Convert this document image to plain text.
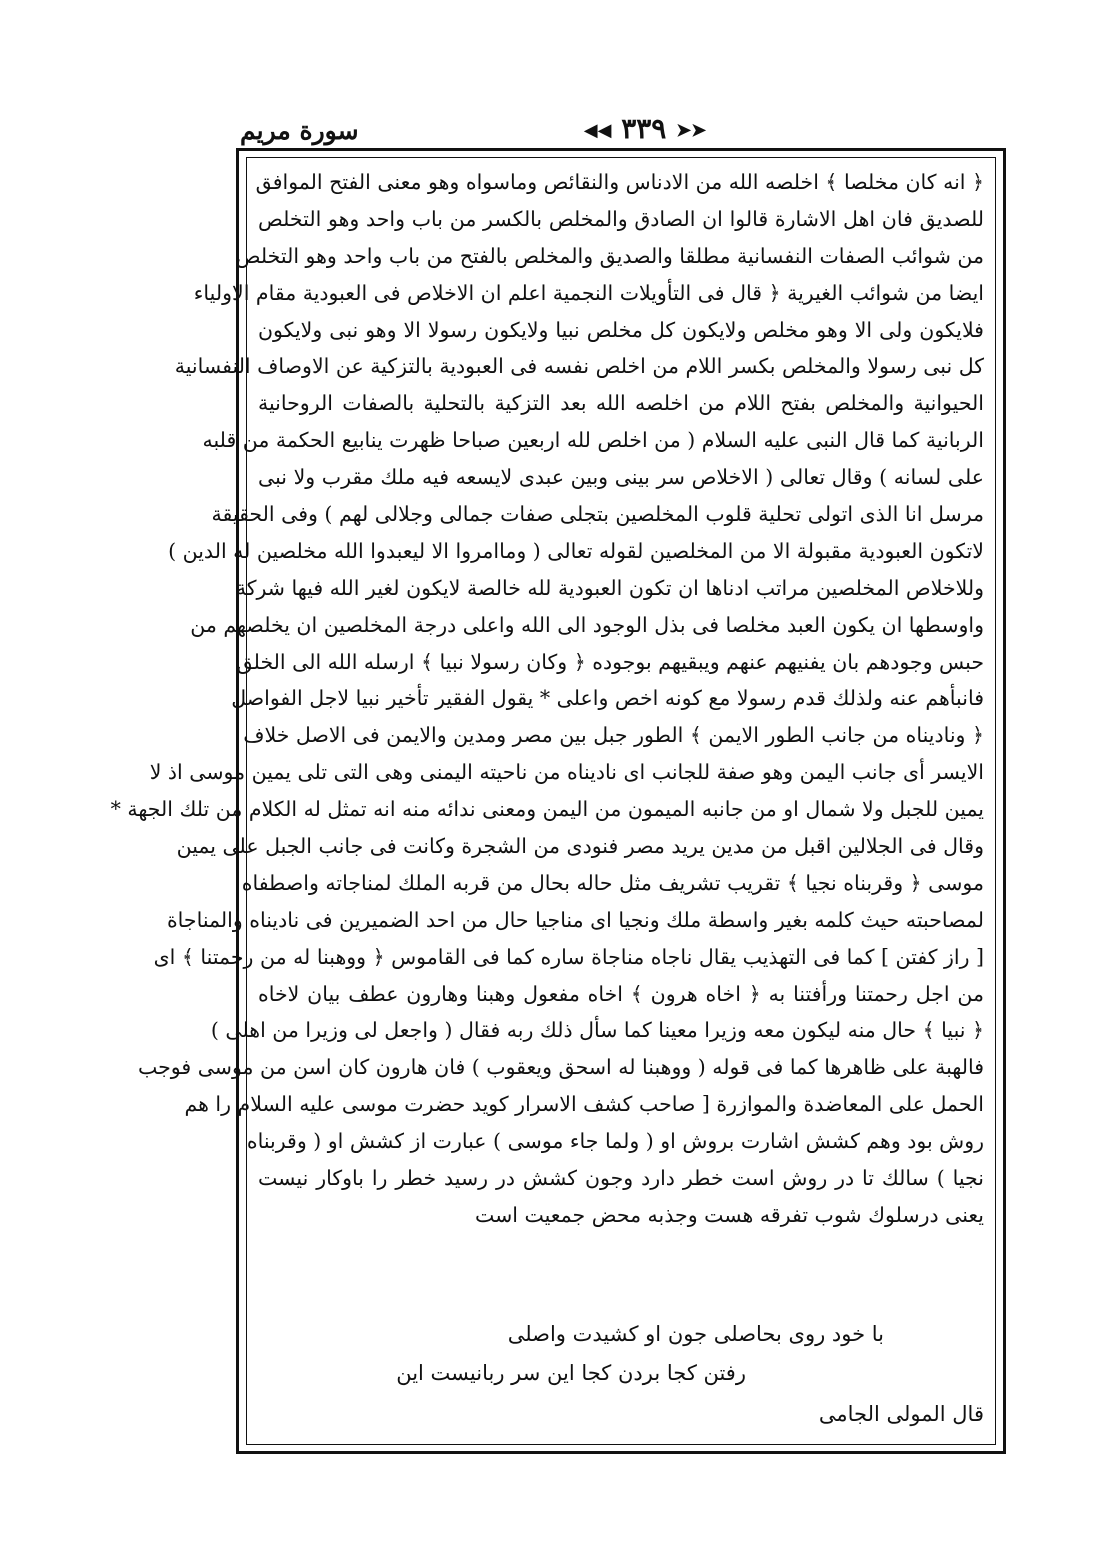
سورة مريم	➤➤ ٣٣٩ ◀◀
﴿ انه كان مخلصا ﴾ اخلصه الله من الادناس والنقائص وماسواه وهو معنى الفتح الموافق
للصديق فان اهل الاشارة قالوا ان الصادق والمخلص بالكسر من باب واحد وهو التخلص
من شوائب الصفات النفسانية مطلقا والصديق والمخلص بالفتح من باب واحد وهو التخلص
ايضا من شوائب الغيرية ﴿ قال فى التأويلات النجمية اعلم ان الاخلاص فى العبودية مقام الاولياء
فلايكون ولى الا وهو مخلص ولايكون كل مخلص نبيا ولايكون رسولا الا وهو نبى ولايكون
كل نبى رسولا والمخلص بكسر اللام من اخلص نفسه فى العبودية بالتزكية عن الاوصاف النفسانية
الحيوانية والمخلص بفتح اللام من اخلصه الله بعد التزكية بالتحلية بالصفات الروحانية
الربانية كما قال النبى عليه السلام ( من اخلص لله اربعين صباحا ظهرت ينابيع الحكمة من قلبه
على لسانه ) وقال تعالى ( الاخلاص سر بينى وبين عبدى لايسعه فيه ملك مقرب ولا نبى
مرسل انا الذى اتولى تحلية قلوب المخلصين بتجلى صفات جمالى وجلالى لهم ) وفى الحقيقة
لاتكون العبودية مقبولة الا من المخلصين لقوله تعالى ( وماامروا الا ليعبدوا الله مخلصين له الدين )
وللاخلاص المخلصين مراتب ادناها ان تكون العبودية لله خالصة لايكون لغير الله فيها شركة
واوسطها ان يكون العبد مخلصا فى بذل الوجود الى الله واعلى درجة المخلصين ان يخلصهم من
حبس وجودهم بان يفنيهم عنهم ويبقيهم بوجوده ﴿ وكان رسولا نبيا ﴾ ارسله الله الى الخلق
فانبأهم عنه ولذلك قدم رسولا مع كونه اخص واعلى * يقول الفقير تأخير نبيا لاجل الفواصل
﴿ وناديناه من جانب الطور الايمن ﴾ الطور جبل بين مصر ومدين والايمن فى الاصل خلاف
الايسر أى جانب اليمن وهو صفة للجانب اى ناديناه من ناحيته اليمنى وهى التى تلى يمين موسى اذ لا
يمين للجبل ولا شمال او من جانبه الميمون من اليمن ومعنى ندائه منه انه تمثل له الكلام من تلك الجهة *
وقال فى الجلالين اقبل من مدين يريد مصر فنودى من الشجرة وكانت فى جانب الجبل على يمين
موسى ﴿ وقربناه نجيا ﴾ تقريب تشريف مثل حاله بحال من قربه الملك لمناجاته واصطفاه
لمصاحبته حيث كلمه بغير واسطة ملك ونجيا اى مناجيا حال من احد الضميرين فى ناديناه والمناجاة
[ راز كفتن ] كما فى التهذيب يقال ناجاه مناجاة ساره كما فى القاموس ﴿ ووهبنا له من رحمتنا ﴾ اى
من اجل رحمتنا ورأفتنا به ﴿ اخاه هرون ﴾ اخاه مفعول وهبنا وهارون عطف بيان لاخاه
﴿ نبيا ﴾ حال منه ليكون معه وزيرا معينا كما سأل ذلك ربه فقال ( واجعل لى وزيرا من اهلى )
فالهبة على ظاهرها كما فى قوله ( ووهبنا له اسحق ويعقوب ) فان هارون كان اسن من موسى فوجب
الحمل على المعاضدة والموازرة [ صاحب كشف الاسرار كويد حضرت موسى عليه السلام را هم
روش بود وهم كشش اشارت بروش او ( ولما جاء موسى ) عبارت از كشش او ( وقربناه
نجيا ) سالك تا در روش است خطر دارد وجون كشش در رسيد خطر را باوكار نيست
يعنى درسلوك شوب تفرقه هست وجذبه محض جمعيت است
با خود روى بحاصلى جون او كشيدت واصلى
رفتن كجا بردن كجا اين سر ربانيست اين
قال المولى الجامى
